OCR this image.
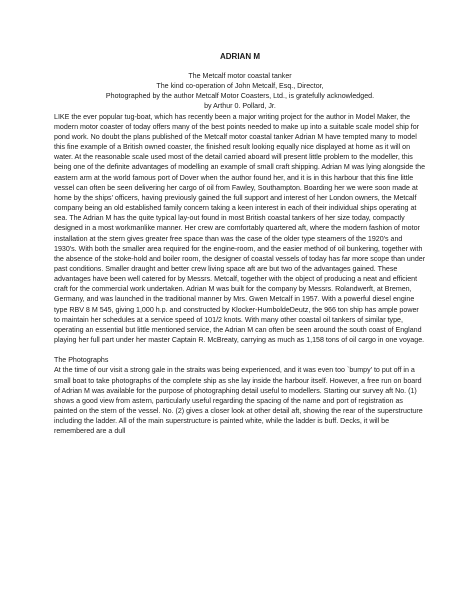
ADRIAN M

The Metcalf motor coastal tanker

The kind co-operation of John Metcalf, Esq., Director,

Photographed by the author Metcalf Motor Coasters, Ltd., is gratefully acknowledged.

by Arthur 0. Pollard, Jr.

LIKE the ever popular tug-boat, which has recently been a major writing project for the author in Model Maker, the modern motor coaster of today offers many of the best points needed to make up into a suitable scale model ship for pond work. No doubt the plans published of the Metcalf motor coastal tanker Adrian M have tempted many to model this fine example of a British owned coaster, the finished result looking equally nice displayed at home as it will on water. At the reasonable scale used most of the detail carried aboard will present little problem to the modeller, this being one of the definite advantages of modelling an example of small craft shipping. Adrian M was lying alongside the eastern arm at the world famous port of Dover when the author found her, and it is in this harbour that this fine little vessel can often be seen delivering her cargo of oil from Fawley, Southampton. Boarding her we were soon made at home by the ships' officers, having previously gained the full support and interest of her London owners, the Metcalf company being an old established family concern taking a keen interest in each of their individual ships operating at sea. The Adrian M has the quite typical lay-out found in most British coastal tankers of her size today, compactly designed in a most workmanlike manner. Her crew are comfortably quartered aft, where the modern fashion of motor installation at the stern gives greater free space than was the case of the older type steamers of the 1920's and 1930's. With both the smaller area required for the engine-room, and the easier method of oil bunkering, together with the absence of the stoke-hold and boiler room, the designer of coastal vessels of today has far more scope than under past conditions. Smaller draught and better crew living space aft are but two of the advantages gained. These advantages have been well catered for by Messrs. Metcalf, together with the object of producing a neat and efficient craft for the commercial work undertaken. Adrian M was built for the company by Messrs. Rolandwerft, at Bremen, Germany, and was launched in the traditional manner by Mrs. Gwen Metcalf in 1957. With a powerful diesel engine type RBV 8 M 545, giving 1,000 h.p. and constructed by Klocker-HumboldeDeutz, the 966 ton ship has ample power to maintain her schedules at a service speed of 101/2 knots. With many other coastal oil tankers of similar type, operating an essential but little mentioned service, the Adrian M can often be seen around the south coast of England playing her full part under her master Captain R. McBreaty, carrying as much as 1,158 tons of oil cargo in one voyage.

The Photographs

At the time of our visit a strong gale in the straits was being experienced, and it was even too `bumpy' to put off in a small boat to take photographs of the complete ship as she lay inside the harbour itself. However, a free run on board of Adrian M was available for the purpose of photographing detail useful to modellers. Starting our survey aft No. (1) shows a good view from astern, particularly useful regarding the spacing of the name and port of registration as painted on the stern of the vessel. No. (2) gives a closer look at other detail aft, showing the rear of the superstructure including the ladder. All of the main superstructure is painted white, while the ladder is buff. Decks, it will be remembered are a dull
